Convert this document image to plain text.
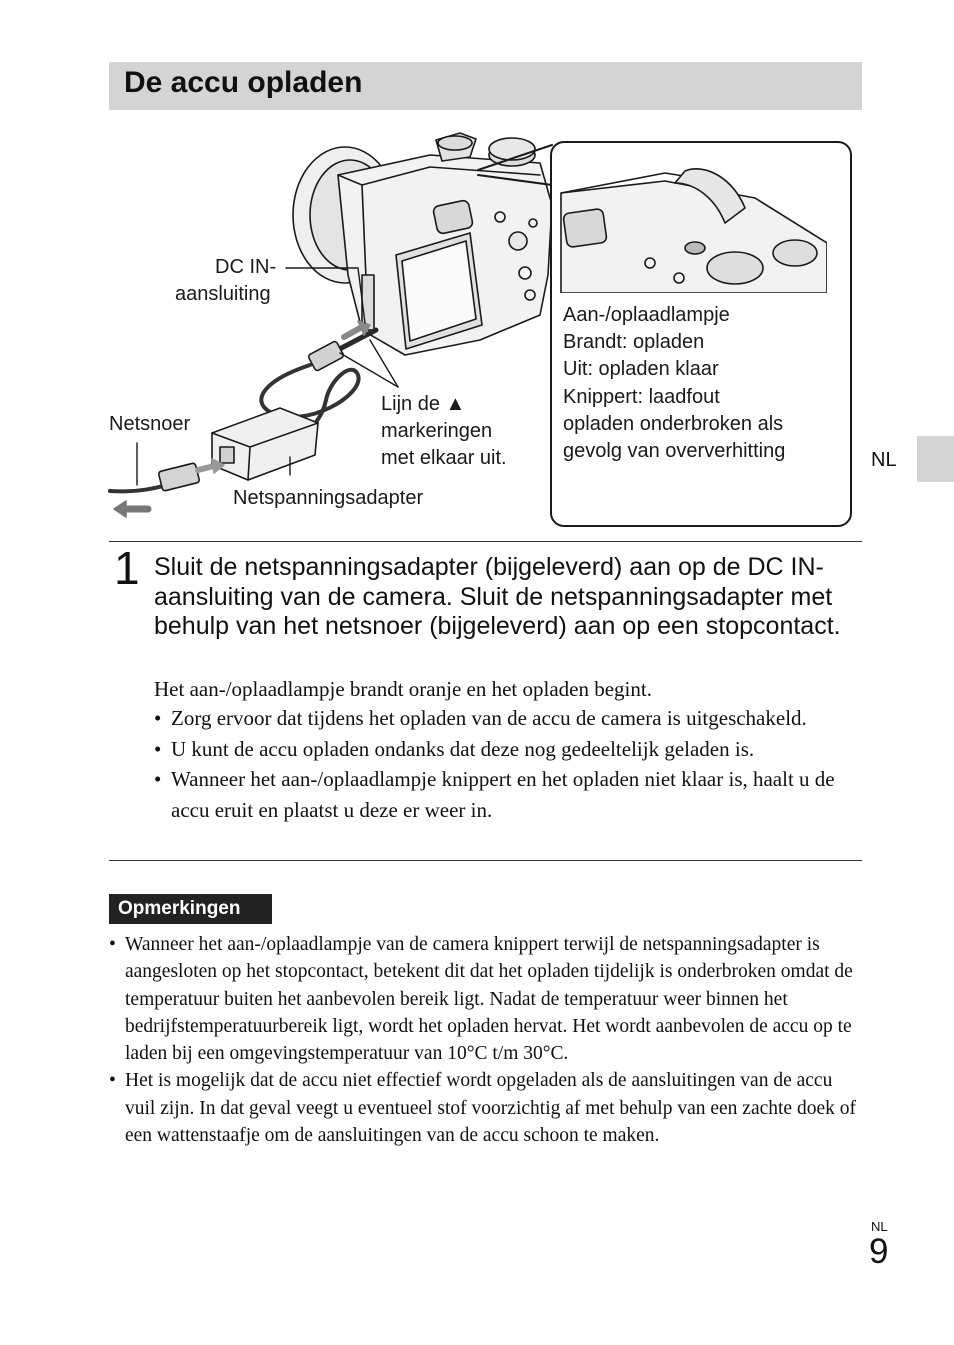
De accu opladen
Aan-/oplaadlampje
Brandt: opladen
Uit: opladen klaar
Knippert: laadfout
opladen onderbroken als
gevolg van oververhitting
DC IN-
aansluiting
Netsnoer
Netspanningsadapter
Lijn de ▲
markeringen
met elkaar uit.	NL
1 Sluit de netspanningsadapter (bijgeleverd) aan op de DC IN-aansluiting van de camera. Sluit de netspanningsadapter met behulp van het netsnoer (bijgeleverd) aan op een stopcontact.
Het aan-/oplaadlampje brandt oranje en het opladen begint.
• Zorg ervoor dat tijdens het opladen van de accu de camera is uitgeschakeld.
• U kunt de accu opladen ondanks dat deze nog gedeeltelijk geladen is.
• Wanneer het aan-/oplaadlampje knippert en het opladen niet klaar is, haalt u de accu eruit en plaatst u deze er weer in.
Opmerkingen
• Wanneer het aan-/oplaadlampje van de camera knippert terwijl de netspanningsadapter is aangesloten op het stopcontact, betekent dit dat het opladen tijdelijk is onderbroken omdat de temperatuur buiten het aanbevolen bereik ligt. Nadat de temperatuur weer binnen het bedrijfstemperatuurbereik ligt, wordt het opladen hervat. Het wordt aanbevolen de accu op te laden bij een omgevingstemperatuur van 10°C t/m 30°C.
• Het is mogelijk dat de accu niet effectief wordt opgeladen als de aansluitingen van de accu vuil zijn. In dat geval veegt u eventueel stof voorzichtig af met behulp van een zachte doek of een wattenstaafje om de aansluitingen van de accu schoon te maken.
NL
9
